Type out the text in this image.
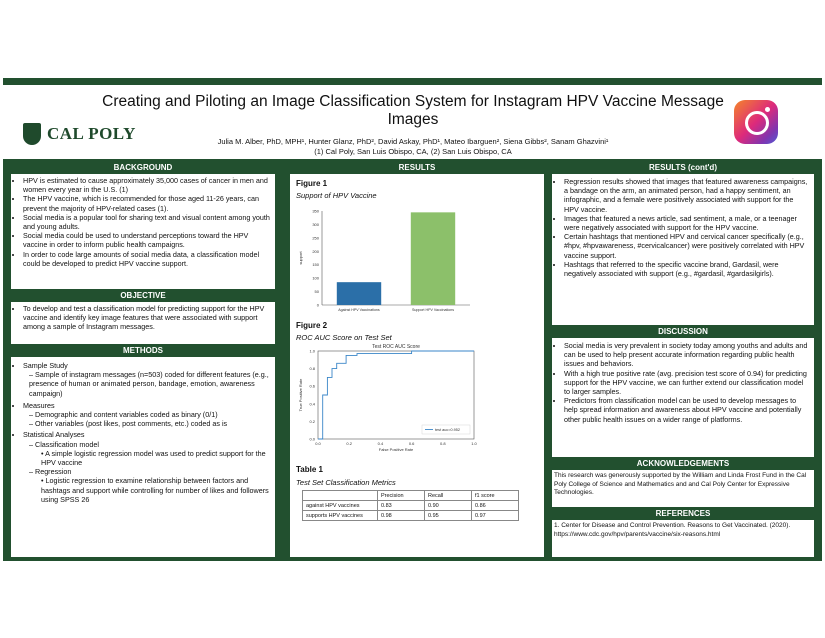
CAL POLY
Creating and Piloting an Image Classification System for Instagram HPV Vaccine Message Images
Julia M. Alber, PhD, MPH¹, Hunter Glanz, PhD², David Askay, PhD¹, Mateo Ibarguen², Siena Gibbs², Sanam Ghazvini¹
(1) Cal Poly, San Luis Obispo, CA, (2) San Luis Obispo, CA
BACKGROUND
• HPV is estimated to cause approximately 35,000 cases of cancer in men and women every year in the U.S. (1)
• The HPV vaccine, which is recommended for those aged 11-26 years, can prevent the majority of HPV-related cases (1).
• Social media is a popular tool for sharing text and visual content among youth and young adults.
• Social media could be used to understand perceptions toward the HPV vaccine in order to inform public health campaigns.
• In order to code large amounts of social media data, a classification model could be developed to predict HPV vaccine support.
OBJECTIVE
• To develop and test a classification model for predicting support for the HPV vaccine and identify key image features that were associated with support among a sample of Instagram messages.
METHODS
• Sample Study
– Sample of instagram messages (n=503) coded for different features (e.g., presence of human or animated person, bandage, emotion, awareness campaign)
• Measures
– Demographic and content variables coded as binary (0/1)
– Other variables (post likes, post comments, etc.) coded as is
• Statistical Analyses
– Classification model
• A simple logistic regression model was used to predict support for the HPV vaccine
– Regression
• Logistic regression to examine relationship between factors and hashtags and support while controlling for number of likes and followers using SPSS 26
RESULTS
Figure 1
Support of HPV Vaccine
0
50
100
150
200
250
300
350
support
Against HPV Vaccinations	Support HPV Vaccinations
Figure 2
ROC AUC Score on Test Set
Test ROC AUC Score
0.0	0.2	0.4	0.6	0.8	1.0
0.0
0.2
0.4
0.6
0.8
1.0
False Positive Rate
True Positive Rate
test auc=0.952
Table 1
Test Set Classification Metrics
	Precision	Recall	f1 score
against HPV vaccines	0.83	0.90	0.86
supports HPV vaccines	0.98	0.95	0.97
RESULTS (cont'd)
• Regression results showed that images that featured awareness campaigns, a bandage on the arm, an animated person, had a happy sentiment, an infographic, and a female were positively associated with support for the HPV vaccine.
• Images that featured a news article, sad sentiment, a male, or a teenager were negatively associated with support for the HPV vaccine.
• Certain hashtags that mentioned HPV and cervical cancer specifically (e.g., #hpv, #hpvawareness, #cervicalcancer) were positively correlated with HPV vaccine support.
• Hashtags that referred to the specific vaccine brand, Gardasil, were negatively associated with support (e.g., #gardasil, #gardasilgirls).
DISCUSSION
• Social media is very prevalent in society today among youths and adults and can be used to help present accurate information regarding public health issues and behaviors.
• With a high true positive rate (avg. precision test score of 0.94) for predicting support for the HPV vaccine, we can further extend our classification model to larger samples.
• Predictors from classification model can be used to develop messages to help spread information and awareness about HPV vaccine and potentially other public health issues on a wider range of platforms.
ACKNOWLEDGEMENTS
This research was generously supported by the William and Linda Frost Fund in the Cal Poly College of Science and Mathematics and and Cal Poly Center for Expressive Technologies.
REFERENCES
1. Center for Disease and Control Prevention. Reasons to Get Vaccinated. (2020). https://www.cdc.gov/hpv/parents/vaccine/six-reasons.html
